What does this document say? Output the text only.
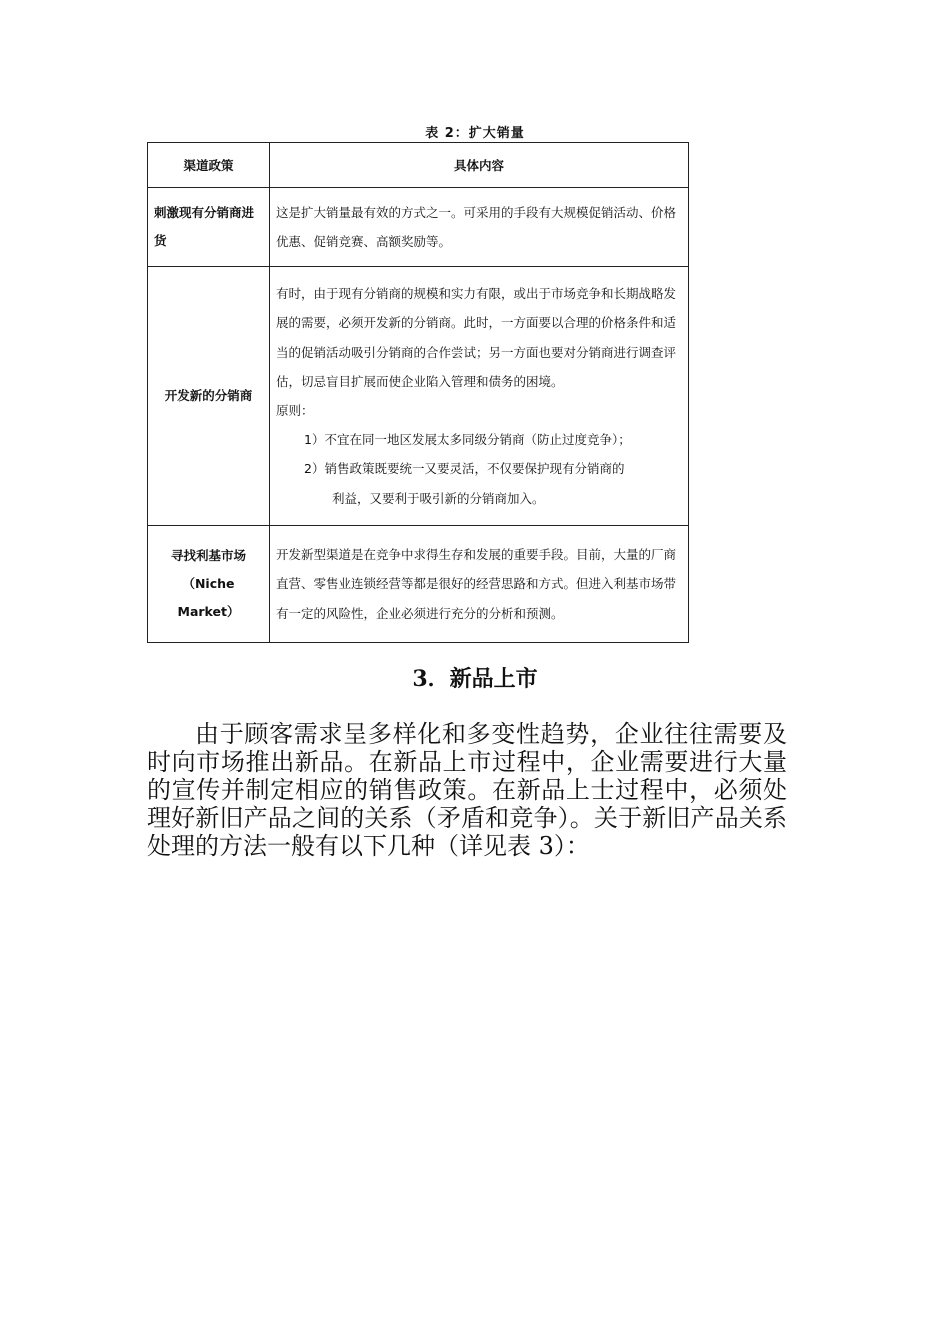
表 2：扩大销量
渠道政策	具体内容
刺激现有分销商进货	这是扩大销量最有效的方式之一。可采用的手段有大规模促销活动、价格优惠、促销竞赛、高额奖励等。
开发新的分销商	有时，由于现有分销商的规模和实力有限，或出于市场竞争和长期战略发展的需要，必须开发新的分销商。此时，一方面要以合理的价格条件和适当的促销活动吸引分销商的合作尝试；另一方面也要对分销商进行调查评估，切忌盲目扩展而使企业陷入管理和债务的困境。
原则：
1）不宜在同一地区发展太多同级分销商（防止过度竞争）；
2）销售政策既要统一又要灵活，不仅要保护现有分销商的
利益，又要利于吸引新的分销商加入。

寻找利基市场
（Niche Market）	开发新型渠道是在竞争中求得生存和发展的重要手段。目前，大量的厂商直营、零售业连锁经营等都是很好的经营思路和方式。但进入利基市场带有一定的风险性，企业必须进行充分的分析和预测。
3．新品上市

由于顾客需求呈多样化和多变性趋势，企业往往需要及时向市场推出新品。在新品上市过程中，企业需要进行大量的宣传并制定相应的销售政策。在新品上士过程中，必须处理好新旧产品之间的关系（矛盾和竞争）。关于新旧产品关系处理的方法一般有以下几种（详见表 3）：
